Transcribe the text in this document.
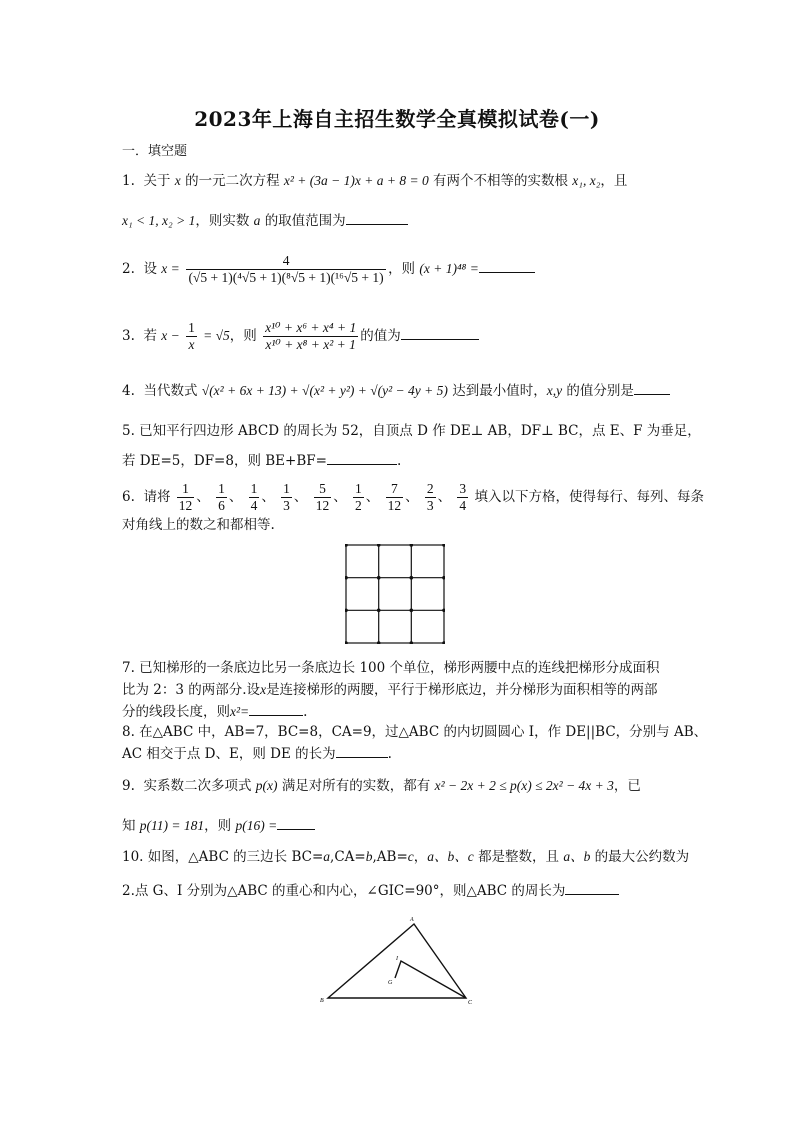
2023年上海自主招生数学全真模拟试卷(一)
一．填空题
1. 关于 x 的一元二次方程 x² + (3a − 1)x + a + 8 = 0 有两个不相等的实数根 x₁, x₂，且
x₁ < 1, x₂ > 1，则实数 a 的取值范围为
2. 设 $x = \frac{4}{\text{(√5 + 1)(⁴√5 + 1)(⁸√5 + 1)(¹⁶√5 + 1)}}$ ，则 (x + 1)⁴⁸ =
3. 若 $x - \frac{1}{x} = √5$，则 $\frac{\text{x¹⁰ + x⁶ + x⁴ + 1}}{\text{x¹⁰ + x⁸ + x² + 1}}$ 的值为
4. 当代数式 √(x² + 6x + 13) + √(x² + y²) + √(y² − 4y + 5) 达到最小值时，x,y 的值分别是
5. 已知平行四边形 ABCD 的周长为 52，自顶点 D 作 DE⊥ AB，DF⊥ BC，点 E、F 为垂足，
若 DE=5，DF=8，则 BE+BF=	.
6. 请将 $\frac{1}{12}$ 、 $\frac{1}{6}$ 、 $\frac{1}{4}$ 、 $\frac{1}{3}$ 、 $\frac{5}{12}$ 、 $\frac{1}{2}$ 、 $\frac{7}{12}$ 、 $\frac{2}{3}$ 、 $\frac{3}{4}$ 填入以下方格，使得每行、每列、每条
对角线上的数之和都相等.
7. 已知梯形的一条底边比另一条底边长 100 个单位，梯形两腰中点的连线把梯形分成面积
比为 2：3 的两部分.设x是连接梯形的两腰，平行于梯形底边，并分梯形为面积相等的两部
分的线段长度，则x²=	.
8. 在△ABC 中，AB=7，BC=8，CA=9，过△ABC 的内切圆圆心 I，作 DE||BC，分别与 AB、
AC 相交于点 D、E，则 DE 的长为	.
9. 实系数二次多项式 p(x) 满足对所有的实数，都有 x² − 2x + 2 ≤ p(x) ≤ 2x² − 4x + 3，已
知 p(11) = 181，则 p(16) =
10. 如图，△ABC 的三边长 BC=a,CA=b,AB=c，a、b、c 都是整数，且 a、b 的最大公约数为
2.点 G、I 分别为△ABC 的重心和内心，∠GIC=90°，则△ABC 的周长为
A
B	C
I
G
